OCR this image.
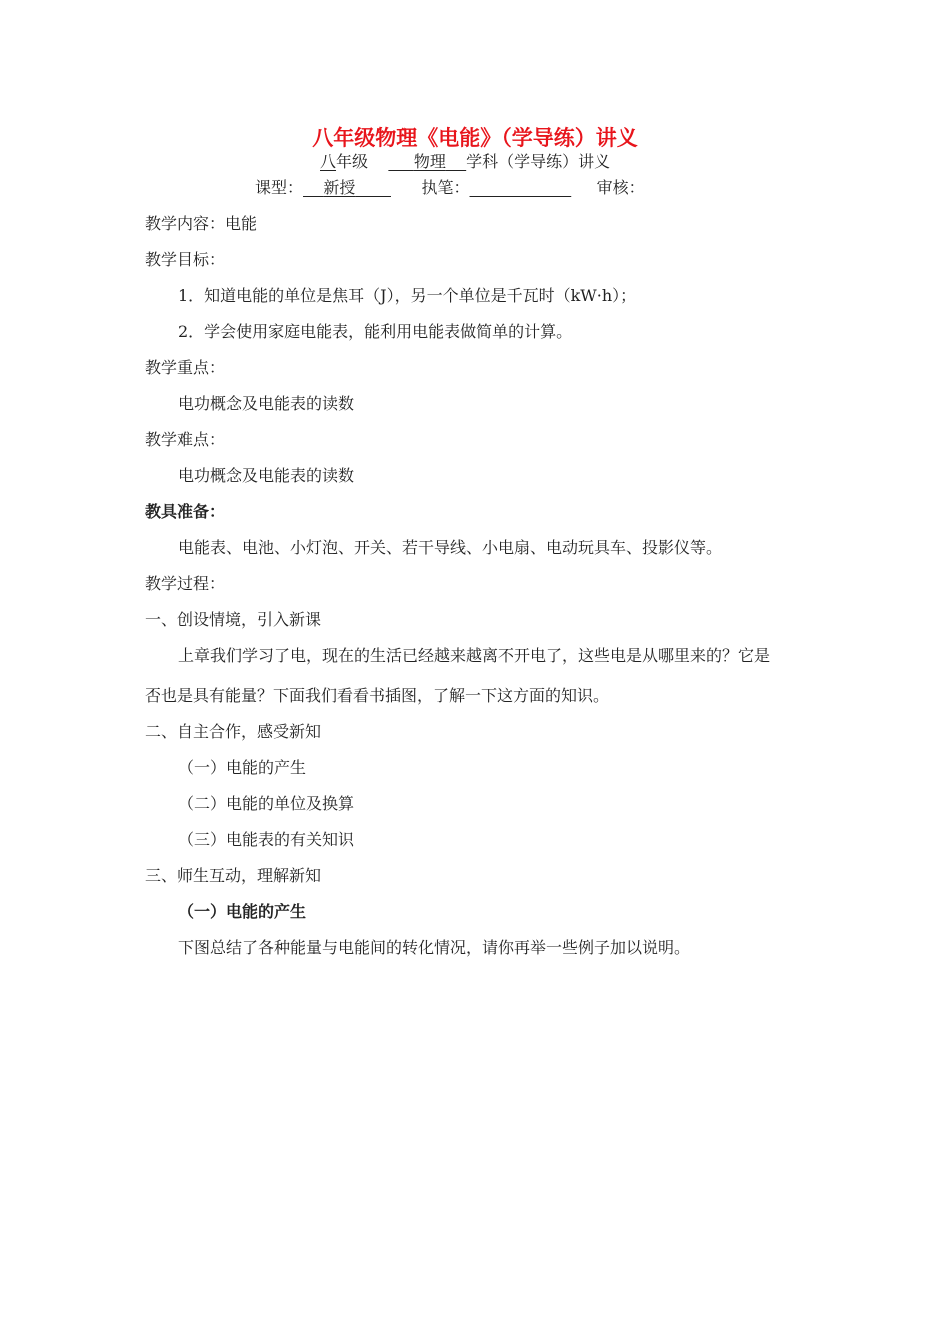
八年级物理《电能》（学导练）讲义
八年级	物理 学科（学导练）讲义
课型： 新授	执笔：	审核：
教学内容：电能
教学目标：
1．知道电能的单位是焦耳（J），另一个单位是千瓦时（kW·h）；
2．学会使用家庭电能表，能利用电能表做简单的计算。
教学重点：
电功概念及电能表的读数
教学难点：
电功概念及电能表的读数
教具准备：
电能表、电池、小灯泡、开关、若干导线、小电扇、电动玩具车、投影仪等。
教学过程：
一、创设情境，引入新课
上章我们学习了电，现在的生活已经越来越离不开电了，这些电是从哪里来的？它是
否也是具有能量？下面我们看看书插图，了解一下这方面的知识。
二、自主合作，感受新知
（一）电能的产生
（二）电能的单位及换算
（三）电能表的有关知识
三、师生互动，理解新知
（一）电能的产生
下图总结了各种能量与电能间的转化情况，请你再举一些例子加以说明。
